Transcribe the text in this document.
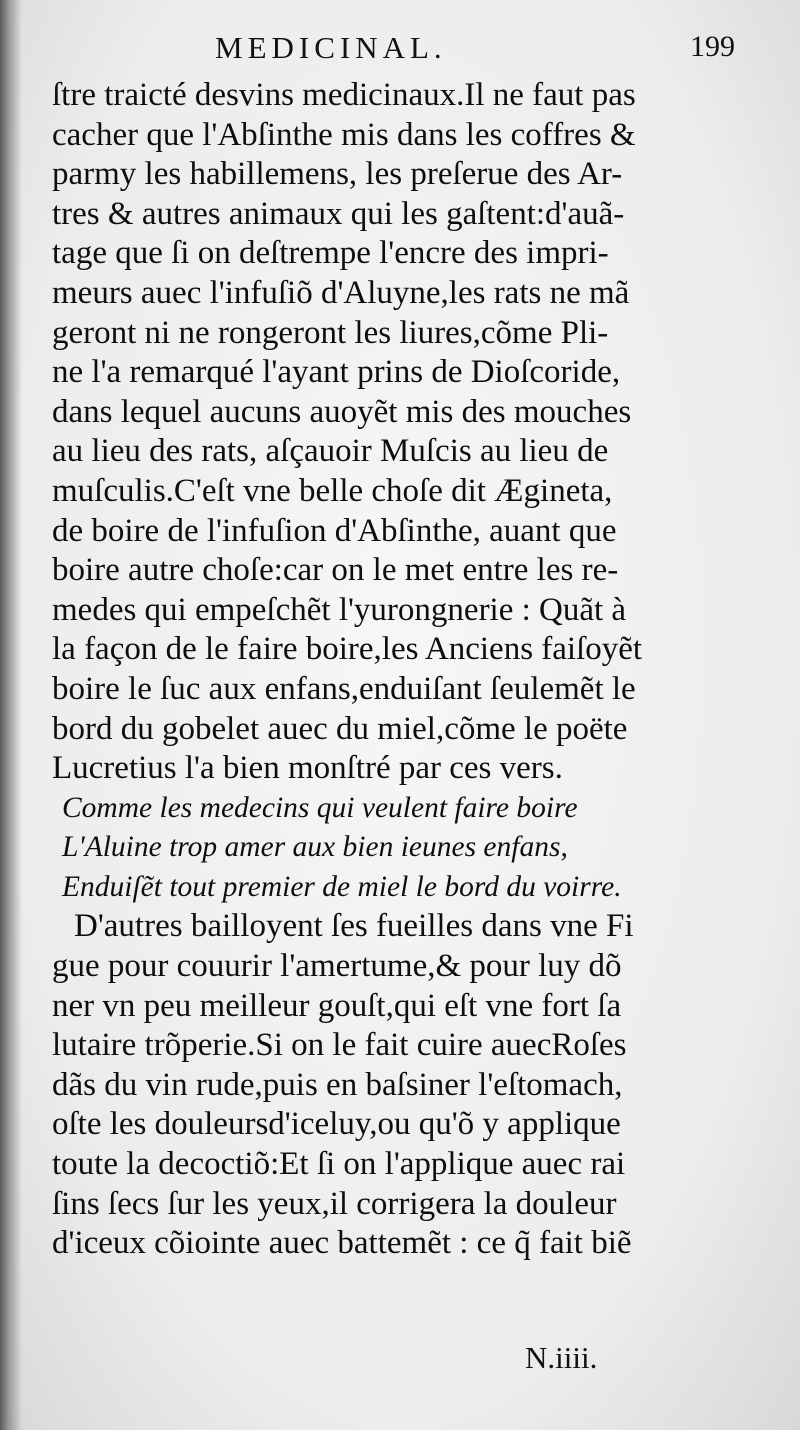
MEDICINAL.	199
ſtre traicté desvins medicinaux.Il ne faut pas
cacher que l'Abſinthe mis dans les coffres &
parmy les habillemens, les preſerue des Ar-
tres & autres animaux qui les gaſtent:d'auã-
tage que ſi on deſtrempe l'encre des impri-
meurs auec l'infuſiõ d'Aluyne,les rats ne mã
geront ni ne rongeront les liures,cõme Pli-
ne l'a remarqué l'ayant prins de Dioſcoride,
dans lequel aucuns auoyẽt mis des mouches
au lieu des rats, aſçauoir Muſcis au lieu de
muſculis.C'eſt vne belle choſe dit Ægineta,
de boire de l'infuſion d'Abſinthe, auant que
boire autre choſe:car on le met entre les re-
medes qui empeſchẽt l'yurongnerie : Quãt à
la façon de le faire boire,les Anciens faiſoyẽt
boire le ſuc aux enfans,enduiſant ſeulemẽt le
bord du gobelet auec du miel,cõme le poëte
Lucretius l'a bien monſtré par ces vers.
Comme les medecins qui veulent faire boire
L'Aluine trop amer aux bien ieunes enfans,
Enduiſẽt tout premier de miel le bord du voirre.
D'autres bailloyent ſes fueilles dans vne Fi
gue pour couurir l'amertume,& pour luy dõ
ner vn peu meilleur gouſt,qui eſt vne fort ſa
lutaire trõperie.Si on le fait cuire auecRoſes
dãs du vin rude,puis en baſsiner l'eſtomach,
oſte les douleursd'iceluy,ou qu'õ y applique
toute la decoctiõ:Et ſi on l'applique auec rai
ſins ſecs ſur les yeux,il corrigera la douleur
d'iceux cõiointe auec battemẽt : ce q̃ fait biẽ
N.iiii.
